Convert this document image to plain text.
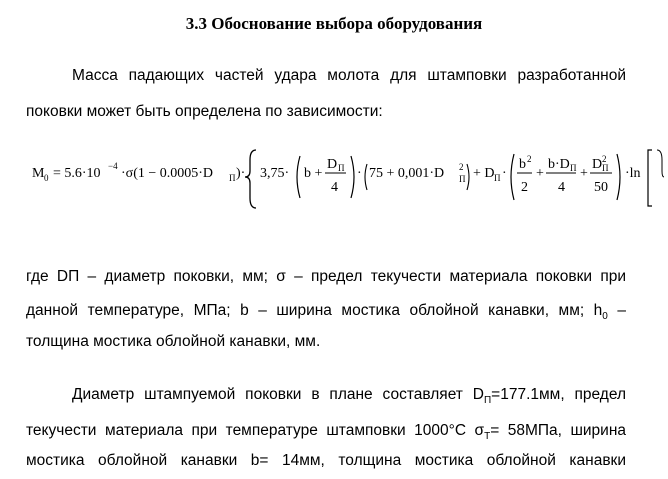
3.3 Обоснование выбора оборудования
Масса падающих частей удара молота для штамповки разработанной
поковки может быть определена по зависимости:
M 0 = 5.6·10 −4 ·σ(1 − 0.0005·D П )· 3,75· b +
D П
4
· 75 + 0,001·D 2
П + D П ·
b 2
2
+
b·D П
4
+
D 2
П
50
·ln
где DП – диаметр поковки, мм; σ – предел текучести материала поковки при
данной температуре, МПа; b – ширина мостика облойной канавки, мм; $h_0$ –
толщина мостика облойной канавки, мм.
Диаметр штампуемой поковки в плане составляет $D_П=177.1мм$, предел
текучести материала при температуре штамповки 1000°С $\sigma_Т= 58МПа$, ширина
мостика облойной канавки b= 14мм, толщина мостика облойной канавки
